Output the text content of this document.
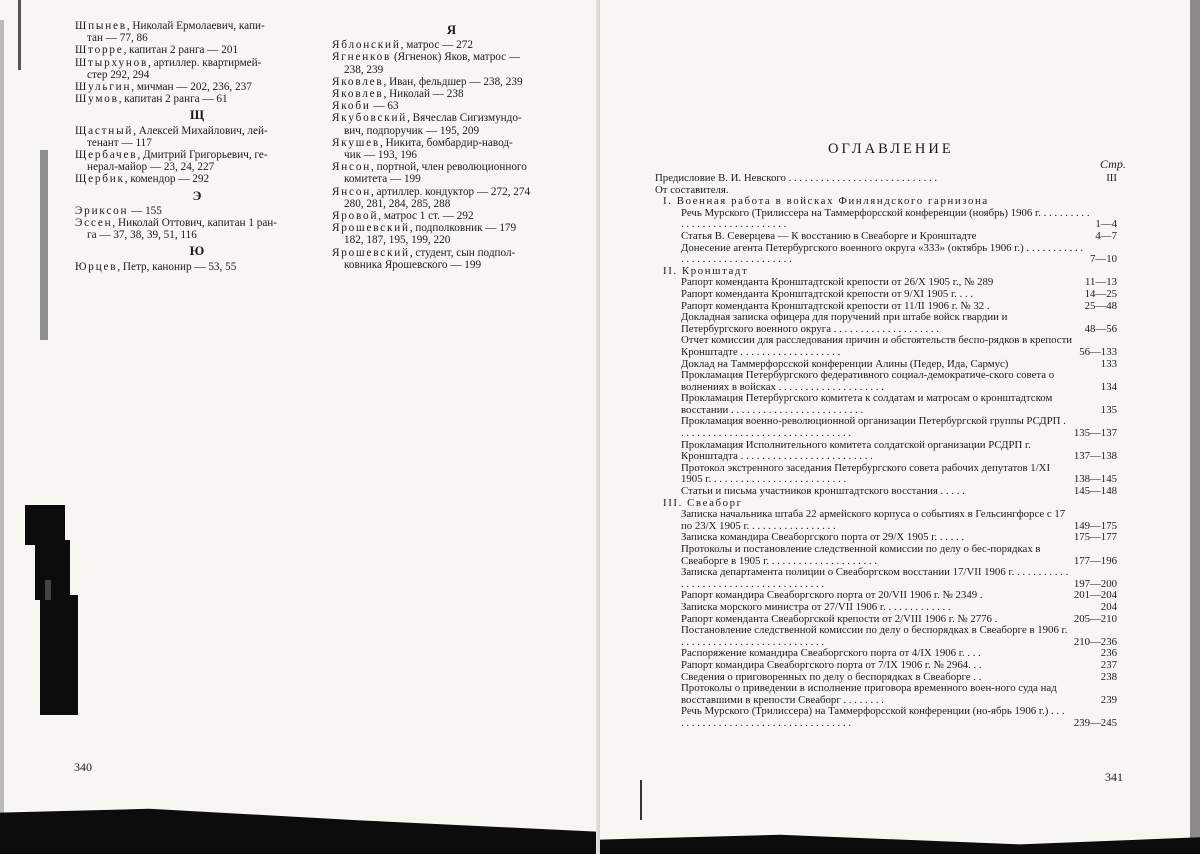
Шпынев, Николай Ермолаевич, капи-
тан — 77, 86
Шторре, капитан 2 ранга — 201
Штырхунов, артиллер. квартирмей-
стер 292, 294
Шульгин, мичман — 202, 236, 237
Шумов, капитан 2 ранга — 61
Щ
Щастный, Алексей Михайлович, лей-
тенант — 117
Щербачев, Дмитрий Григорьевич, ге-
нерал-майор — 23, 24, 227
Щербик, комендор — 292
Э
Эриксон — 155
Эссен, Николай Оттович, капитан 1 ран-
га — 37, 38, 39, 51, 116
Ю
Юрцев, Петр, канонир — 53, 55
Я
Яблонский, матрос — 272
Ягненков (Ягненок) Яков, матрос —
238, 239
Яковлев, Иван, фельдшер — 238, 239
Яковлев, Николай — 238
Якоби — 63
Якубовский, Вячеслав Сигизмундо-
вич, подпоручик — 195, 209
Якушев, Никита, бомбардир-навод-
чик — 193, 196
Янсон, портной, член революционного
комитета — 199
Янсон, артиллер. кондуктор — 272, 274
280, 281, 284, 285, 288
Яровой, матрос 1 ст. — 292
Ярошевский, подполковник — 179
182, 187, 195, 199, 220
Ярошевский, студент, сын подпол-
ковника Ярошевского — 199
340
ОГЛАВЛЕНИЕ
Стр.
Предисловие В. И. Невского . . . . . . . . . . . . . . . . . . . . . . . . . . . .	III
От составителя.
I. Военная работа в войсках Финляндского гарнизона
Речь Мурского (Трилиссера на Таммерфорсской конференции (ноябрь) 1906 г. . . . . . . . . . . . . . . . . . . . . . . . . . . . . .	1—4
Статья В. Северцева — К восстанию в Свеаборге и Кронштадте	4—7
Донесение агента Петербургского военного округа «333» (октябрь 1906 г.) . . . . . . . . . . . . . . . . . . . . . . . . . . . . . . . .	7—10
II. Кронштадт
Рапорт коменданта Кронштадтской крепости от 26/X 1905 г., № 289	11—13
Рапорт коменданта Кронштадтской крепости от 9/XI 1905 г. . . .	14—25
Рапорт коменданта Кронштадтской крепости от 11/II 1906 г. № 32 .	25—48
Докладная записка офицера для поручений при штабе войск гвардии и Петербургского военного округа . . . . . . . . . . . . . . . . . . . .	48—56
Отчет комиссии для расследования причин и обстоятельств беспо-рядков в крепости Кронштадте . . . . . . . . . . . . . . . . . . .	56—133
Доклад на Таммерфорсской конференции Алины (Педер, Ида, Сармус)	133
Прокламация Петербургского федеративного социал-демократиче-ского совета о волнениях в войсках . . . . . . . . . . . . . . . . . . . .	134
Прокламация Петербургского комитета к солдатам и матросам о кронштадтском восстании . . . . . . . . . . . . . . . . . . . . . . . . .	135
Прокламация военно-революционной организации Петербургской группы РСДРП . . . . . . . . . . . . . . . . . . . . . . . . . . . . . . . . .	135—137
Прокламация Исполнительного комитета солдатской организации РСДРП г. Кронштадта . . . . . . . . . . . . . . . . . . . . . . . . .	137—138
Протокол экстренного заседания Петербургского совета рабочих депутатов 1/XI 1905 г. . . . . . . . . . . . . . . . . . . . . . . . . .	138—145
Статьи и письма участников кронштадтского восстания . . . . .	145—148
III. Свеаборг
Записка начальника штаба 22 армейского корпуса о событиях в Гельсингфорсе с 17 по 23/X 1905 г. . . . . . . . . . . . . . . . .	149—175
Записка командира Свеаборгского порта от 29/X 1905 г. . . . . .	175—177
Протоколы и постановление следственной комиссии по делу о бес-порядках в Свеаборге в 1905 г. . . . . . . . . . . . . . . . . . . . .	177—196
Записка департамента полиции о Свеаборгском восстании 17/VII 1906 г. . . . . . . . . . . . . . . . . . . . . . . . . . . . . . . . . . . . . .	197—200
Рапорт командира Свеаборгского порта от 20/VII 1906 г. № 2349 .	201—204
Записка морского министра от 27/VII 1906 г. . . . . . . . . . . . .	204
Рапорт коменданта Свеаборгской крепости от 2/VIII 1906 г. № 2776 .	205—210
Постановление следственной комиссии по делу о беспорядках в Свеаборге в 1906 г. . . . . . . . . . . . . . . . . . . . . . . . . . . .	210—236
Распоряжение командира Свеаборгского порта от 4/IX 1906 г. . . .	236
Рапорт командира Свеаборгского порта от 7/IX 1906 г. № 2964. . .	237
Сведения о приговоренных по делу о беспорядках в Свеаборге . .	238
Протоколы о приведении в исполнение приговора временного воен-ного суда над восставшими в крепости Свеаборг . . . . . . . .	239
Речь Мурского (Трилиссера) на Таммерфорсской конференции (но-ябрь 1906 г.) . . . . . . . . . . . . . . . . . . . . . . . . . . . . . . . . . . .	239—245
341
